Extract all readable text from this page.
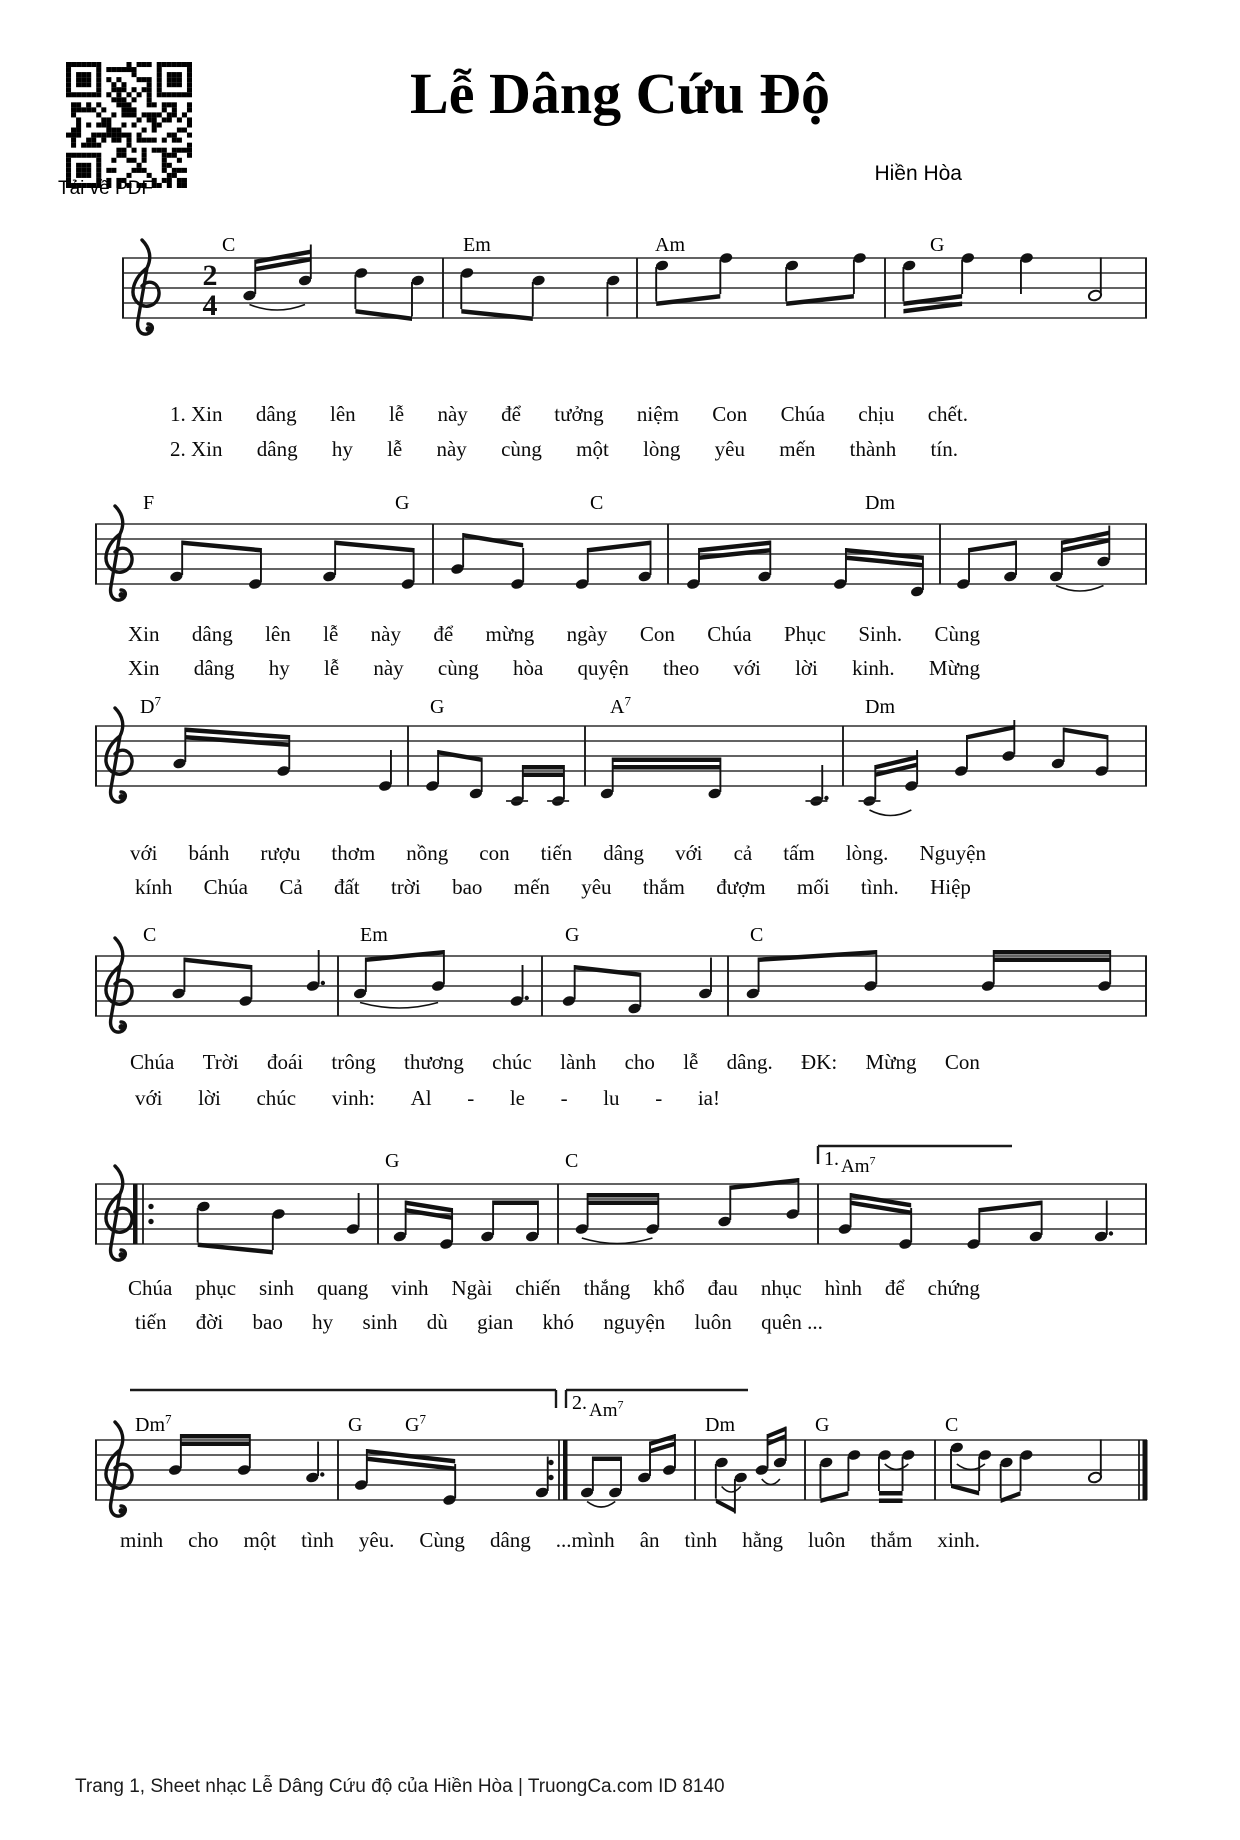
Tải về PDF
Lễ Dâng Cứu Độ
Hiền Hòa
2
4
C	Em	Am	G
1. Xin dâng lên lễ này để tưởng niệm Con Chúa chịu chết.
2. Xin dâng hy lễ này cùng một lòng yêu mến thành tín.
F	G	C	Dm
Xin dâng lên lễ này để mừng ngày Con Chúa Phục Sinh. Cùng
Xin dâng hy lễ này cùng hòa quyện theo với lời kinh. Mừng
$D^7$	G	$A^7$	Dm
với bánh rượu thơm nồng con tiến dâng với cả tấm lòng. Nguyện
kính Chúa Cả đất trời bao mến yêu thắm đượm mối tình. Hiệp
C	Em	G	C
Chúa Trời đoái trông thương chúc lành cho lễ dâng. ĐK: Mừng Con
với lời chúc vinh: Al - le - lu - ia!
1. Am$^7$
G	C
Chúa phục sinh quang vinh Ngài chiến thắng khổ đau nhục hình để chứng
tiến đời bao hy sinh dù gian khó nguyện luôn quên ...
2. Am$^7$
Dm$^7$	G $G^7$	Dm	G	C
minh cho một tình yêu. Cùng dâng ...mình ân tình hằng luôn thắm xinh.
Trang 1, Sheet nhạc Lễ Dâng Cứu độ của Hiền Hòa | TruongCa.com ID 8140
